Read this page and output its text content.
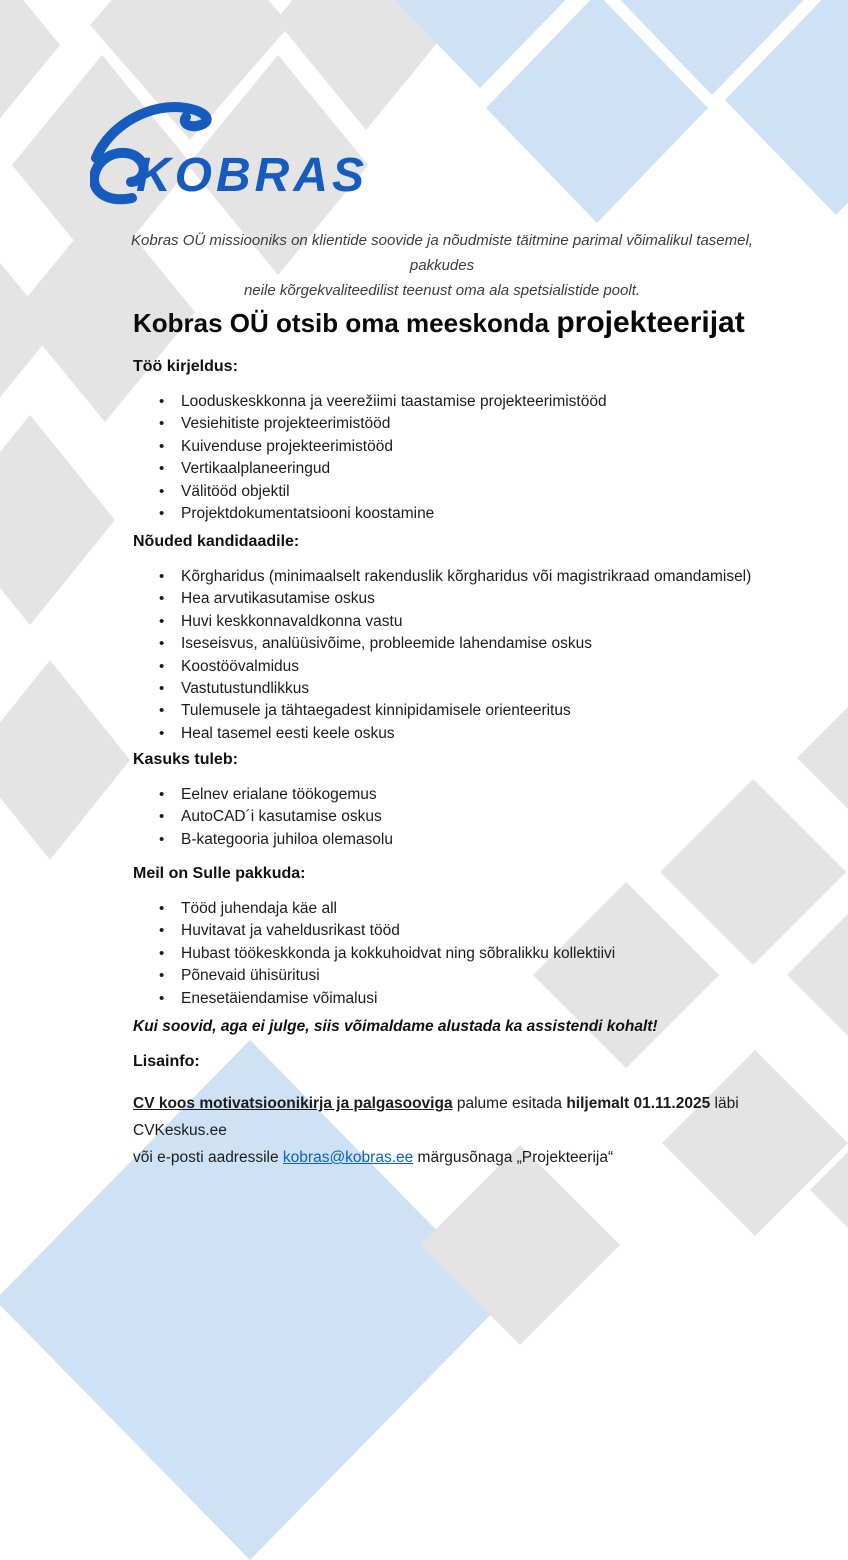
KOBRAS
Kobras OÜ missiooniks on klientide soovide ja nõudmiste täitmine parimal võimalikul tasemel, pakkudes
neile kõrgekvaliteedilist teenust oma ala spetsialistide poolt.
Kobras OÜ otsib oma meeskonda projekteerijat
Töö kirjeldus:
• Looduskeskkonna ja veerežiimi taastamise projekteerimistööd
• Vesiehitiste projekteerimistööd
• Kuivenduse projekteerimistööd
• Vertikaalplaneeringud
• Välitööd objektil
• Projektdokumentatsiooni koostamine
Nõuded kandidaadile:
• Kõrgharidus (minimaalselt rakenduslik kõrgharidus või magistrikraad omandamisel)
• Hea arvutikasutamise oskus
• Huvi keskkonnavaldkonna vastu
• Iseseisvus, analüüsivõime, probleemide lahendamise oskus
• Koostöövalmidus
• Vastutustundlikkus
• Tulemusele ja tähtaegadest kinnipidamisele orienteeritus
• Heal tasemel eesti keele oskus
Kasuks tuleb:
• Eelnev erialane töökogemus
• AutoCAD´i kasutamise oskus
• B-kategooria juhiloa olemasolu
Meil on Sulle pakkuda:
• Tööd juhendaja käe all
• Huvitavat ja vaheldusrikast tööd
• Hubast töökeskkonda ja kokkuhoidvat ning sõbralikku kollektiivi
• Põnevaid ühisüritusi
• Enesetäiendamise võimalusi
Kui soovid, aga ei julge, siis võimaldame alustada ka assistendi kohalt!
Lisainfo:
CV koos motivatsioonikirja ja palgasooviga palume esitada hiljemalt 01.11.2025 läbi CVKeskus.ee
või e-posti aadressile kobras@kobras.ee märgusõnaga „Projekteerija“
